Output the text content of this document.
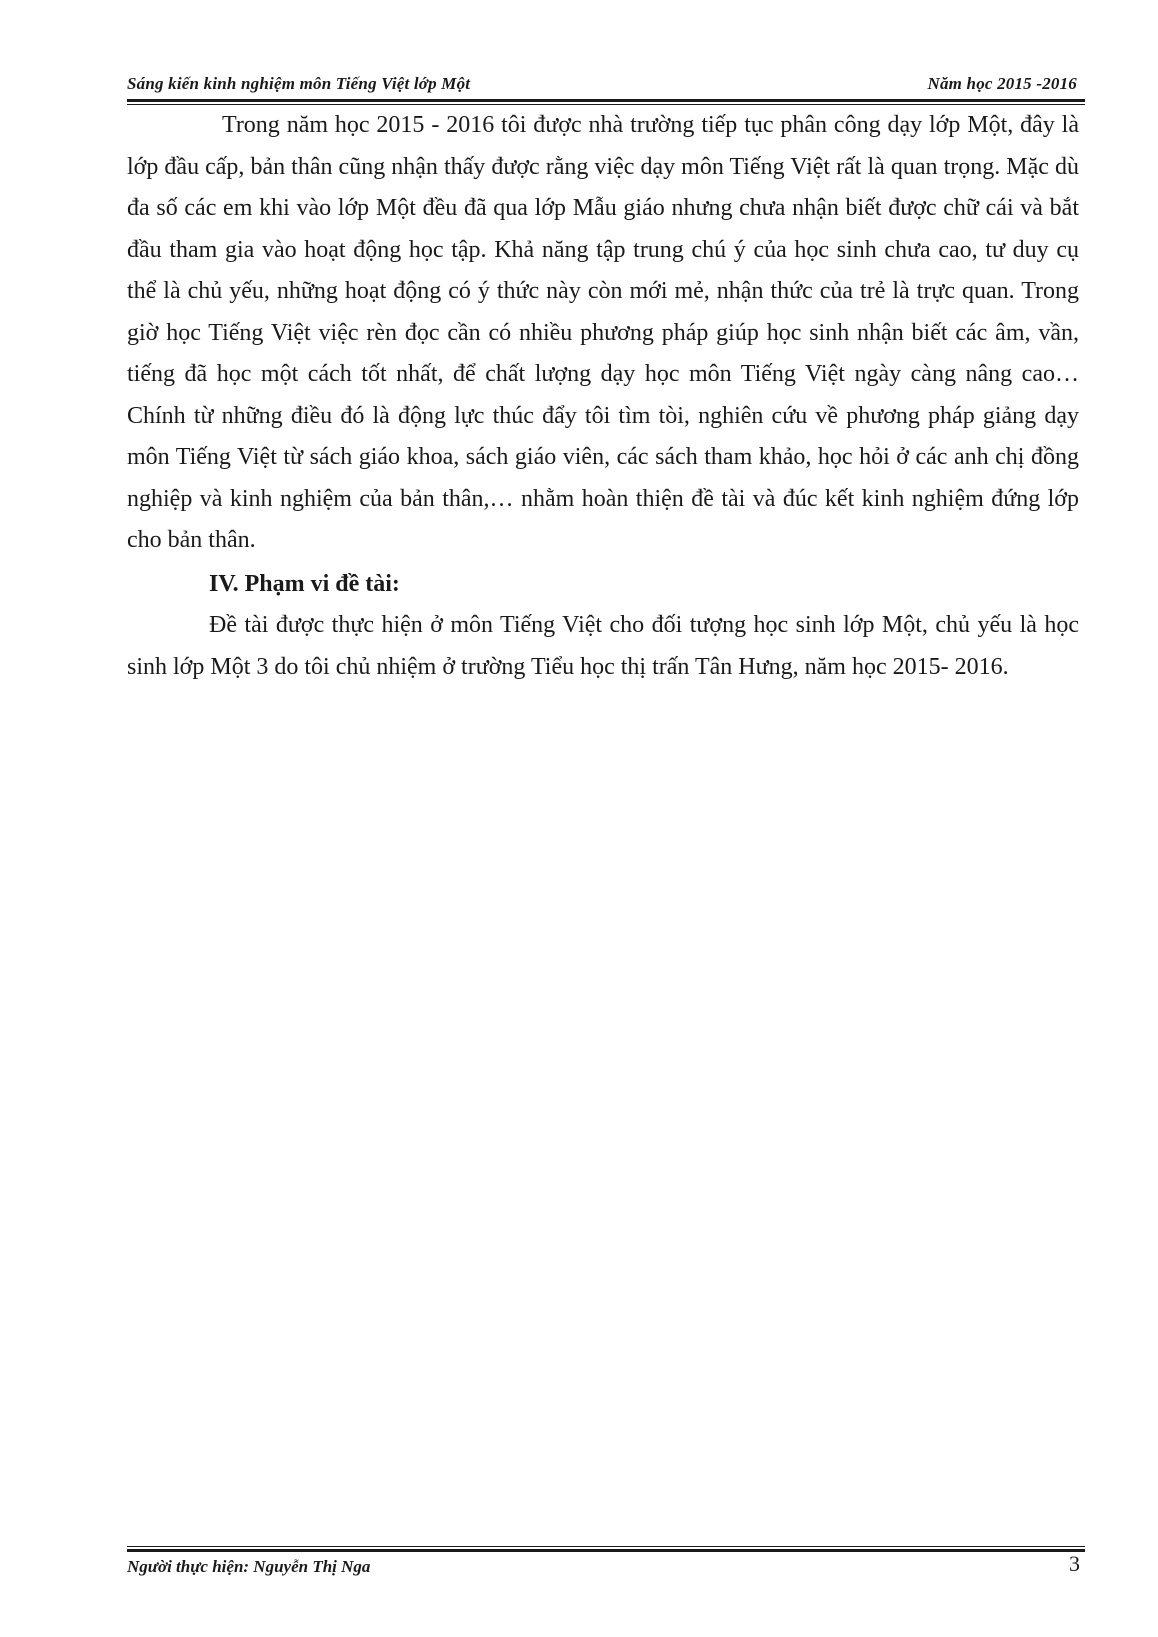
Sáng kiến kinh nghiệm môn Tiếng Việt lớp Một	Năm học 2015 -2016

Trong năm học 2015 - 2016 tôi được nhà trường tiếp tục phân công dạy lớp Một, đây là lớp đầu cấp, bản thân cũng nhận thấy được rằng việc dạy môn Tiếng Việt rất là quan trọng. Mặc dù đa số các em khi vào lớp Một đều đã qua lớp Mẫu giáo nhưng chưa nhận biết được chữ cái và bắt đầu tham gia vào hoạt động học tập. Khả năng tập trung chú ý của học sinh chưa cao, tư duy cụ thể là chủ yếu, những hoạt động có ý thức này còn mới mẻ, nhận thức của trẻ là trực quan. Trong giờ học Tiếng Việt việc rèn đọc cần có nhiều phương pháp giúp học sinh nhận biết các âm, vần, tiếng đã học một cách tốt nhất, để chất lượng dạy học môn Tiếng Việt ngày càng nâng cao… Chính từ những điều đó là động lực thúc đẩy tôi tìm tòi, nghiên cứu về phương pháp giảng dạy môn Tiếng Việt từ sách giáo khoa, sách giáo viên, các sách tham khảo, học hỏi ở các anh chị đồng nghiệp và kinh nghiệm của bản thân,… nhằm hoàn thiện đề tài và đúc kết kinh nghiệm đứng lớp cho bản thân.

IV. Phạm vi đề tài:

Đề tài được thực hiện ở môn Tiếng Việt cho đối tượng học sinh lớp Một, chủ yếu là học sinh lớp Một 3 do tôi chủ nhiệm ở trường Tiểu học thị trấn Tân Hưng, năm học 2015- 2016.

Người thực hiện: Nguyễn Thị Nga	3
